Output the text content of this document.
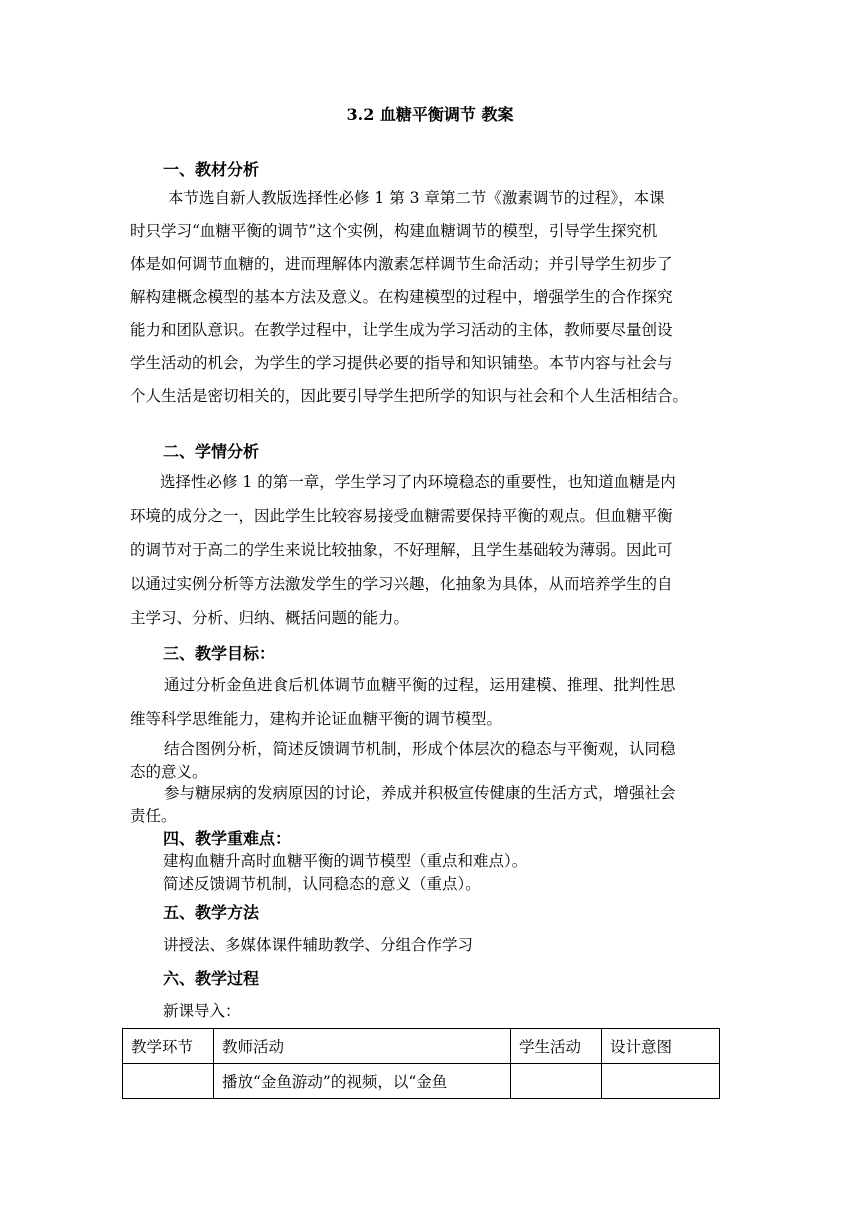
3.2 血糖平衡调节 教案
一、教材分析
本节选自新人教版选择性必修 1 第 3 章第二节《激素调节的过程》，本课
时只学习“血糖平衡的调节”这个实例，构建血糖调节的模型，引导学生探究机
体是如何调节血糖的，进而理解体内激素怎样调节生命活动；并引导学生初步了
解构建概念模型的基本方法及意义。在构建模型的过程中，增强学生的合作探究
能力和团队意识。在教学过程中，让学生成为学习活动的主体，教师要尽量创设
学生活动的机会，为学生的学习提供必要的指导和知识铺垫。本节内容与社会与
个人生活是密切相关的，因此要引导学生把所学的知识与社会和个人生活相结合。
二、学情分析
选择性必修 1 的第一章，学生学习了内环境稳态的重要性，也知道血糖是内
环境的成分之一，因此学生比较容易接受血糖需要保持平衡的观点。但血糖平衡
的调节对于高二的学生来说比较抽象，不好理解，且学生基础较为薄弱。因此可
以通过实例分析等方法激发学生的学习兴趣，化抽象为具体，从而培养学生的自
主学习、分析、归纳、概括问题的能力。
三、教学目标：
通过分析金鱼进食后机体调节血糖平衡的过程，运用建模、推理、批判性思
维等科学思维能力，建构并论证血糖平衡的调节模型。
结合图例分析，简述反馈调节机制，形成个体层次的稳态与平衡观，认同稳
态的意义。
参与糖尿病的发病原因的讨论，养成并积极宣传健康的生活方式，增强社会
责任。
四、教学重难点：
建构血糖升高时血糖平衡的调节模型（重点和难点）。
简述反馈调节机制，认同稳态的意义（重点）。
五、教学方法
讲授法、多媒体课件辅助教学、分组合作学习
六、教学过程
新课导入：
教学环节	教师活动	学生活动	设计意图
	播放“金鱼游动”的视频，以“金鱼		
